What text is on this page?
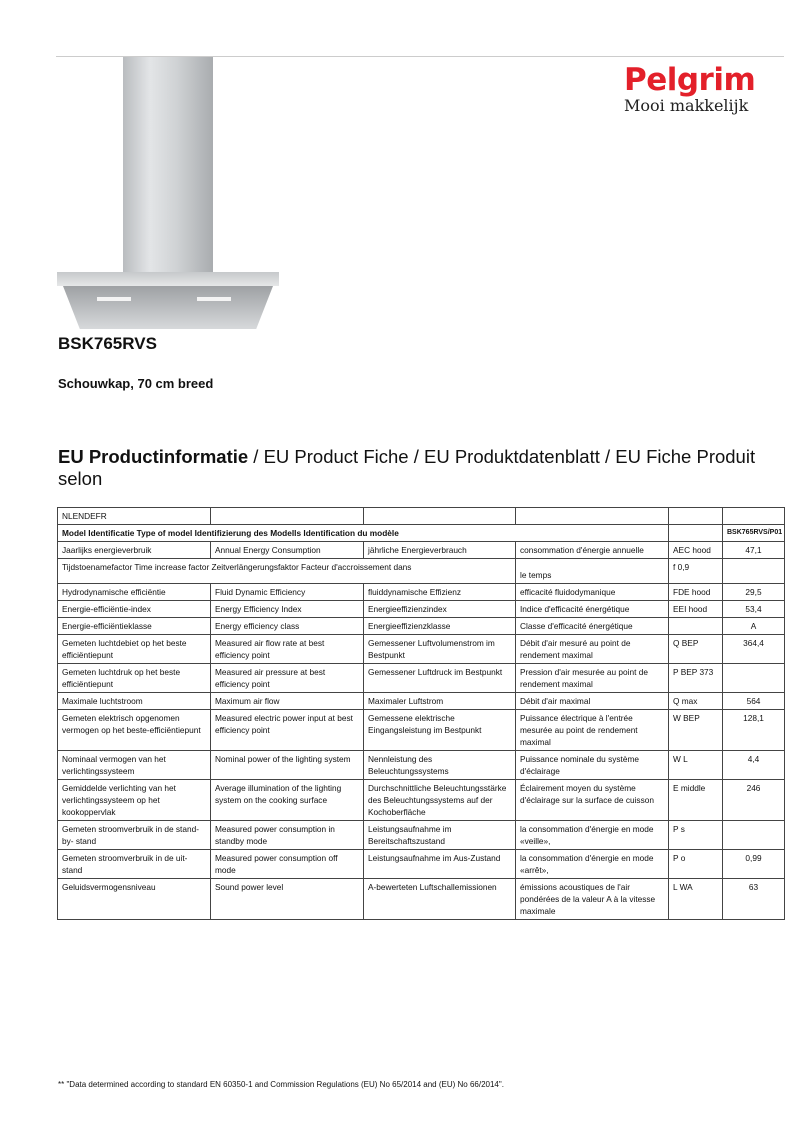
Pelgrim
Mooi makkelijk
BSK765RVS
Schouwkap, 70 cm breed
EU Productinformatie / EU Product Fiche / EU Produktdatenblatt / EU Fiche Produit selon
NLENDEFR					
Model Identificatie Type of model Identifizierung des Modells Identification du modèle					BSK765RVS/P01
Jaarlijks energieverbruik	Annual Energy Consumption	jährliche Energieverbrauch	consommation d'énergie annuelle	AEC hood	47,1
Tijdstoenamefactor Time increase factor Zeitverlängerungsfaktor Facteur d'accroissement dans			le temps	f 0,9	
Hydrodynamische efficiëntie	Fluid Dynamic Efficiency	fluiddynamische Effizienz	efficacité fluidodymanique	FDE hood	29,5
Energie-efficiëntie-index	Energy Efficiency Index	Energieeffizienzindex	Indice d'efficacité énergétique	EEI hood	53,4
Energie-efficiëntieklasse	Energy efficiency class	Energieeffizienzklasse	Classe d'efficacité énergétique		A
Gemeten luchtdebiet op het beste efficiëntiepunt	Measured air flow rate at best efficiency point	Gemessener Luftvolumenstrom im Bestpunkt	Débit d'air mesuré au point de rendement maximal	Q BEP	364,4
Gemeten luchtdruk op het beste efficiëntiepunt	Measured air pressure at best efficiency point	Gemessener Luftdruck im Bestpunkt	Pression d'air mesurée au point de rendement maximal	P BEP 373	
Maximale luchtstroom	Maximum air flow	Maximaler Luftstrom	Débit d'air maximal	Q max	564
Gemeten elektrisch opgenomen vermogen op het beste-efficiëntiepunt	Measured electric power input at best efficiency point	Gemessene elektrische Eingangsleistung im Bestpunkt	Puissance électrique à l'entrée mesurée au point de rendement maximal	W BEP	128,1
Nominaal vermogen van het verlichtingssysteem	Nominal power of the lighting system	Nennleistung des Beleuchtungssystems	Puissance nominale du système d'éclairage	W L	4,4
Gemiddelde verlichting van het verlichtingssysteem op het kookoppervlak	Average illumination of the lighting system on the cooking surface	Durchschnittliche Beleuchtungsstärke des Beleuchtungssystems auf der Kochoberfläche	Éclairement moyen du système d'éclairage sur la surface de cuisson	E middle	246
Gemeten stroomverbruik in de stand-by- stand	Measured power consumption in standby mode	Leistungsaufnahme im Bereitschaftszustand	la consommation d'énergie en mode «veille»,	P s	
Gemeten stroomverbruik in de uit-stand	Measured power consumption off mode	Leistungsaufnahme im Aus-Zustand	la consommation d'énergie en mode «arrêt»,	P o	0,99
Geluidsvermogensniveau	Sound power level	A-bewerteten Luftschallemissionen	émissions acoustiques de l'air pondérées de la valeur A à la vitesse maximale	L WA	63
** "Data determined according to standard EN 60350-1 and Commission Regulations (EU) No 65/2014 and (EU) No 66/2014".
